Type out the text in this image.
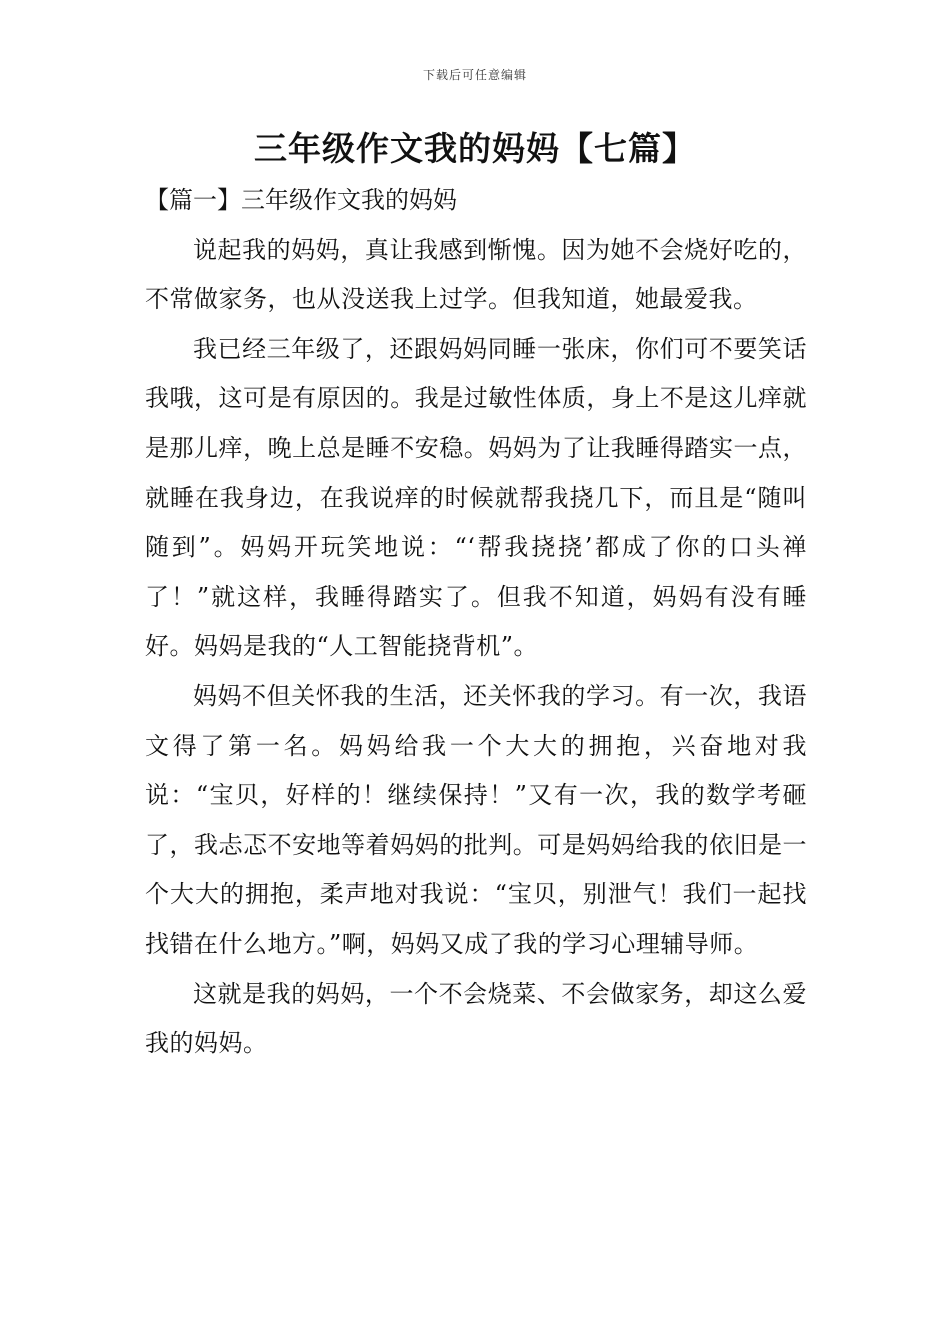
下载后可任意编辑
三年级作文我的妈妈【七篇】
【篇一】三年级作文我的妈妈

说起我的妈妈，真让我感到惭愧。因为她不会烧好吃的，不常做家务，也从没送我上过学。但我知道，她最爱我。

我已经三年级了，还跟妈妈同睡一张床，你们可不要笑话我哦，这可是有原因的。我是过敏性体质，身上不是这儿痒就是那儿痒，晚上总是睡不安稳。妈妈为了让我睡得踏实一点，就睡在我身边，在我说痒的时候就帮我挠几下，而且是“随叫随到”。妈妈开玩笑地说：“‘帮我挠挠’都成了你的口头禅了！”就这样，我睡得踏实了。但我不知道，妈妈有没有睡好。妈妈是我的“人工智能挠背机”。

妈妈不但关怀我的生活，还关怀我的学习。有一次，我语文得了第一名。妈妈给我一个大大的拥抱，兴奋地对我说：“宝贝，好样的！继续保持！”又有一次，我的数学考砸了，我忐忑不安地等着妈妈的批判。可是妈妈给我的依旧是一个大大的拥抱，柔声地对我说：“宝贝，别泄气！我们一起找找错在什么地方。”啊，妈妈又成了我的学习心理辅导师。

这就是我的妈妈，一个不会烧菜、不会做家务，却这么爱我的妈妈。
